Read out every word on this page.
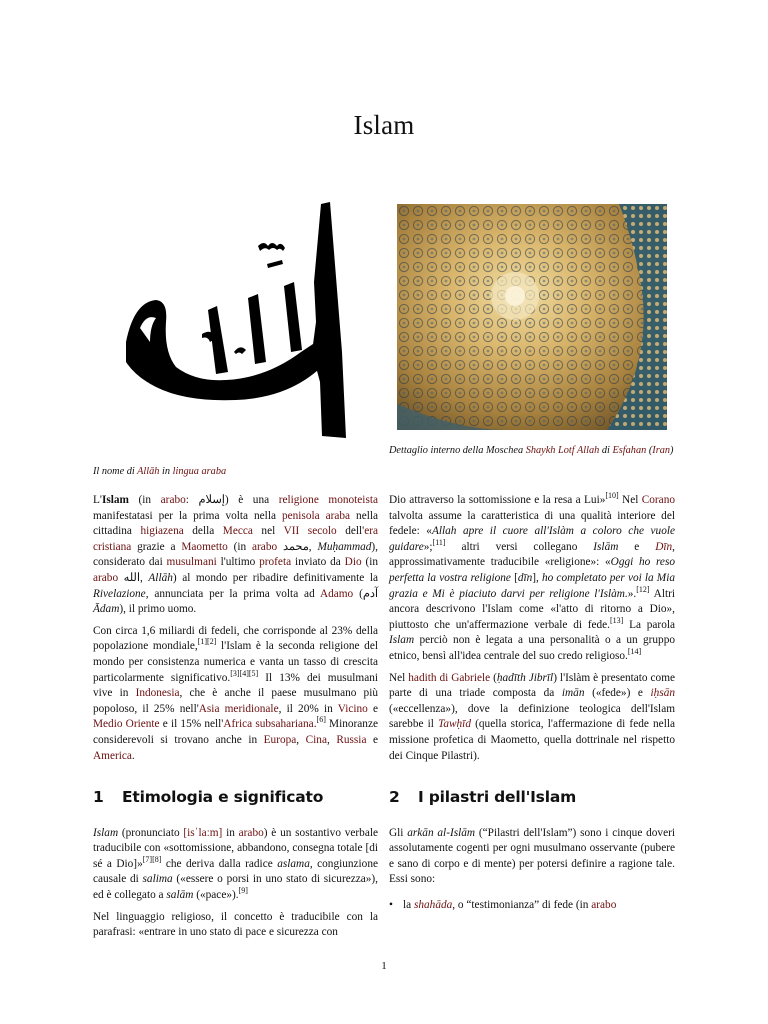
Islam
Il nome di Allāh in lingua araba
Dettaglio interno della Moschea Shaykh Lotf Allah di Esfahan (Iran)

L'Islam (in arabo: إسلام) è una religione monoteista manifestatasi per la prima volta nella penisola araba nella cittadina higiazena della Mecca nel VII secolo dell'era cristiana grazie a Maometto (in arabo محمد, Muḥammad), considerato dai musulmani l'ultimo profeta inviato da Dio (in arabo الله, Allāh) al mondo per ribadire definitivamente la Rivelazione, annunciata per la prima volta ad Adamo (آدم Ādam), il primo uomo.

Con circa 1,6 miliardi di fedeli, che corrisponde al 23% della popolazione mondiale,[1][2] l'Islam è la seconda religione del mondo per consistenza numerica e vanta un tasso di crescita particolarmente significativo.[3][4][5] Il 13% dei musulmani vive in Indonesia, che è anche il paese musulmano più popoloso, il 25% nell'Asia meridionale, il 20% in Vicino e Medio Oriente e il 15% nell'Africa subsahariana.[6] Minoranze considerevoli si trovano anche in Europa, Cina, Russia e America.

1 Etimologia e significato

Islam (pronunciato [isˈlaːm] in arabo) è un sostantivo verbale traducibile con «sottomissione, abbandono, consegna totale [di sé a Dio]»[7][8] che deriva dalla radice aslama, congiunzione causale di salima («essere o porsi in uno stato di sicurezza»), ed è collegato a salām («pace»).[9]

Nel linguaggio religioso, il concetto è traducibile con la parafrasi: «entrare in uno stato di pace e sicurezza con

Dio attraverso la sottomissione e la resa a Lui»[10] Nel Corano talvolta assume la caratteristica di una qualità interiore del fedele: «Allah apre il cuore all'Islàm a coloro che vuole guidare»;[11] altri versi collegano Islām e Dīn, approssimativamente traducibile «religione»: «Oggi ho reso perfetta la vostra religione [dīn], ho completato per voi la Mia grazia e Mi è piaciuto darvi per religione l'Islàm.».[12] Altri ancora descrivono l'Islam come «l'atto di ritorno a Dio», piuttosto che un'affermazione verbale di fede.[13] La parola Islam perciò non è legata a una personalità o a un gruppo etnico, bensì all'idea centrale del suo credo religioso.[14]

Nel hadith di Gabriele (ḥadīth Jibrīl) l'Islàm è presentato come parte di una triade composta da imān («fede») e iḥsān («eccellenza»), dove la definizione teologica dell'Islam sarebbe il Tawḥīd (quella storica, l'affermazione di fede nella missione profetica di Maometto, quella dottrinale nel rispetto dei Cinque Pilastri).

2 I pilastri dell'Islam

Gli arkān al-Islām (“Pilastri dell'Islam”) sono i cinque doveri assolutamente cogenti per ogni musulmano osservante (pubere e sano di corpo e di mente) per potersi definire a ragione tale. Essi sono:

• la shahāda, o “testimonianza” di fede (in arabo
1
